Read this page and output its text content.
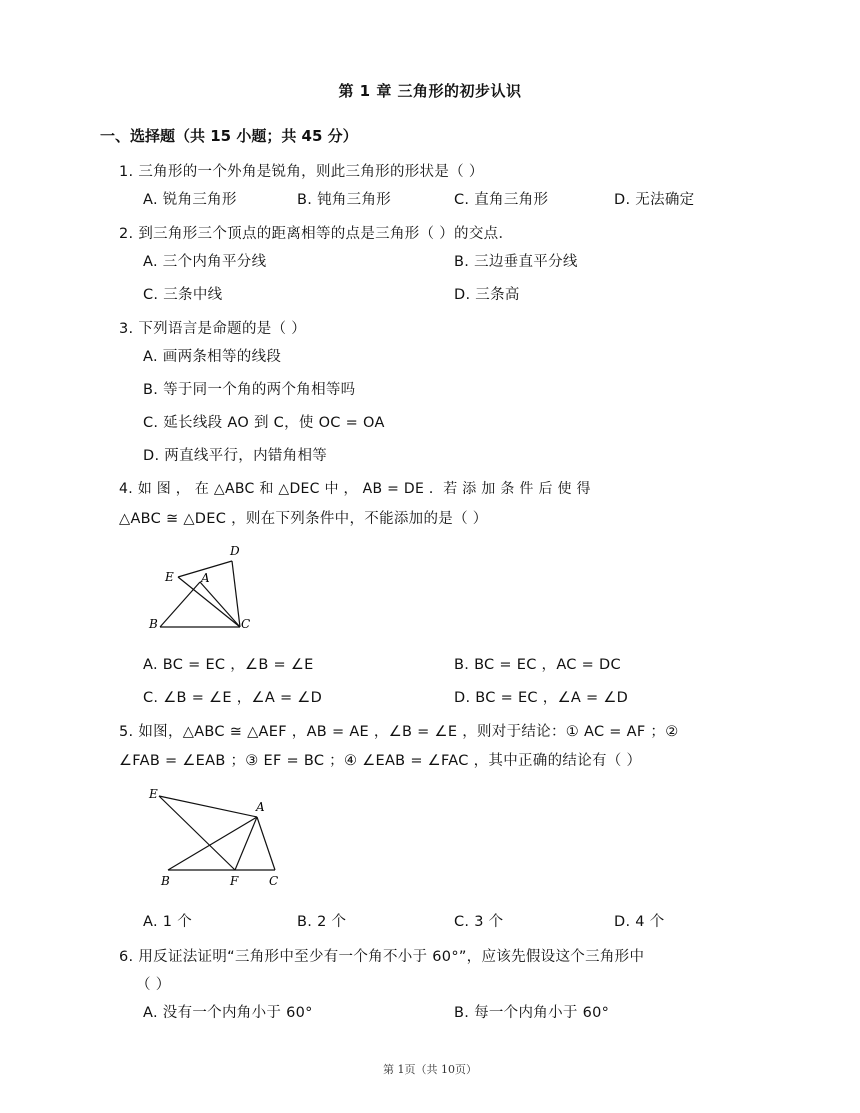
第 1 章 三角形的初步认识
一、选择题（共 15 小题；共 45 分）
1. 三角形的一个外角是锐角，则此三角形的形状是（ ）
A. 锐角三角形	B. 钝角三角形	C. 直角三角形	D. 无法确定
2. 到三角形三个顶点的距离相等的点是三角形（ ）的交点．
A. 三个内角平分线	B. 三边垂直平分线
C. 三条中线	D. 三条高
3. 下列语言是命题的是（ ）
A. 画两条相等的线段
B. 等于同一个角的两个角相等吗
C. 延长线段 AO 到 C，使 OC = OA
D. 两直线平行，内错角相等
4. 如 图 ， 在 △ABC 和 △DEC 中 ， AB = DE ．若 添 加 条 件 后 使 得
△ABC ≅ △DEC ，则在下列条件中，不能添加的是（ ）
D
E A
B	C
A. BC = EC ，∠B = ∠E	B. BC = EC ，AC = DC
C. ∠B = ∠E ，∠A = ∠D	D. BC = EC ，∠A = ∠D
5. 如图，△ABC ≅ △AEF ，AB = AE ，∠B = ∠E ，则对于结论：① AC = AF ；②
∠FAB = ∠EAB ；③ EF = BC ；④ ∠EAB = ∠FAC ，其中正确的结论有（ ）
E
A
B	F	C
A. 1 个	B. 2 个	C. 3 个	D. 4 个
6. 用反证法证明“三角形中至少有一个角不小于 60°”，应该先假设这个三角形中
（ ）
A. 没有一个内角小于 60°	B. 每一个内角小于 60°
第 1页（共 10页）
